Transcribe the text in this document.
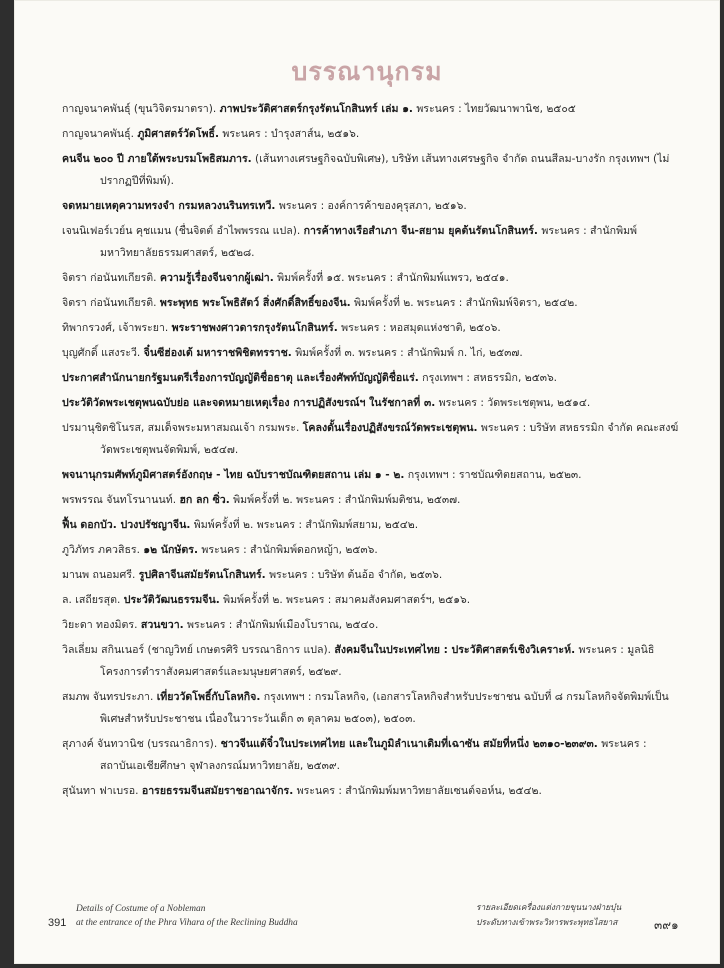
บรรณานุกรม

กาญจนาคพันธุ์ (ขุนวิจิตรมาตรา). ภาพประวัติศาสตร์กรุงรัตนโกสินทร์ เล่ม ๑. พระนคร : ไทยวัฒนาพานิช, ๒๕๐๕

กาญจนาคพันธุ์. ภูมิศาสตร์วัดโพธิ์. พระนคร : บำรุงสาส์น, ๒๕๑๖.

คนจีน ๒๐๐ ปี ภายใต้พระบรมโพธิสมภาร. (เส้นทางเศรษฐกิจฉบับพิเศษ), บริษัท เส้นทางเศรษฐกิจ จำกัด ถนนสีลม-บางรัก กรุงเทพฯ (ไม่ปรากฏปีที่พิมพ์).

จดหมายเหตุความทรงจำ กรมหลวงนรินทรเทวี. พระนคร : องค์การค้าของคุรุสภา, ๒๕๑๖.

เจนนิเฟอร์เวย์น คุชแมน (ชื่นจิตต์ อำไพพรรณ แปล). การค้าทางเรือสำเภา จีน-สยาม ยุคต้นรัตนโกสินทร์. พระนคร : สำนักพิมพ์มหาวิทยาลัยธรรมศาสตร์, ๒๕๒๘.

จิตรา ก่อนันทเกียรติ. ความรู้เรื่องจีนจากผู้เฒ่า. พิมพ์ครั้งที่ ๑๕. พระนคร : สำนักพิมพ์แพรว, ๒๕๔๑.

จิตรา ก่อนันทเกียรติ. พระพุทธ พระโพธิสัตว์ สิ่งศักดิ์สิทธิ์ของจีน. พิมพ์ครั้งที่ ๒. พระนคร : สำนักพิมพ์จิตรา, ๒๕๔๒.

ทิพากรวงศ์, เจ้าพระยา. พระราชพงศาวดารกรุงรัตนโกสินทร์. พระนคร : หอสมุดแห่งชาติ, ๒๕๐๖.

บุญศักดิ์ แสงระวี. จิ๋นซีฮ่องเต้ มหาราชพิชิตทรราช. พิมพ์ครั้งที่ ๓. พระนคร : สำนักพิมพ์ ก. ไก่, ๒๕๓๗.

ประกาศสำนักนายกรัฐมนตรีเรื่องการบัญญัติชื่อธาตุ และเรื่องศัพท์บัญญัติชื่อแร่. กรุงเทพฯ : สหธรรมิก, ๒๕๓๖.

ประวัติวัดพระเชตุพนฉบับย่อ และจดหมายเหตุเรื่อง การปฏิสังขรณ์ฯ ในรัชกาลที่ ๓. พระนคร : วัดพระเชตุพน, ๒๕๑๔.

ปรมานุชิตชิโนรส, สมเด็จพระมหาสมณเจ้า กรมพระ. โคลงดั้นเรื่องปฏิสังขรณ์วัดพระเชตุพน. พระนคร : บริษัท สหธรรมิก จำกัด คณะสงฆ์วัดพระเชตุพนจัดพิมพ์, ๒๕๔๗.

พจนานุกรมศัพท์ภูมิศาสตร์อังกฤษ - ไทย ฉบับราชบัณฑิตยสถาน เล่ม ๑ - ๒. กรุงเทพฯ : ราชบัณฑิตยสถาน, ๒๕๒๓.

พรพรรณ จันทโรนานนท์. ฮก ลก ซิ่ว. พิมพ์ครั้งที่ ๒. พระนคร : สำนักพิมพ์มติชน, ๒๕๓๗.

ฟื้น ดอกบัว. ปวงปรัชญาจีน. พิมพ์ครั้งที่ ๒. พระนคร : สำนักพิมพ์สยาม, ๒๕๔๒.

ภูวิภัทร ภควสิธร. ๑๒ นักษัตร. พระนคร : สำนักพิมพ์ดอกหญ้า, ๒๕๓๖.

มานพ ถนอมศรี. รูปศิลาจีนสมัยรัตนโกสินทร์. พระนคร : บริษัท ต้นอ้อ จำกัด, ๒๕๓๖.

ล. เสถียรสุต. ประวัติวัฒนธรรมจีน. พิมพ์ครั้งที่ ๒. พระนคร : สมาคมสังคมศาสตร์ฯ, ๒๕๑๖.

วิยะดา ทองมิตร. สวนขวา. พระนคร : สำนักพิมพ์เมืองโบราณ, ๒๕๔๐.

วิลเลี่ยม สกินเนอร์ (ชาญวิทย์ เกษตรศิริ บรรณาธิการ แปล). สังคมจีนในประเทศไทย : ประวัติศาสตร์เชิงวิเคราะห์. พระนคร : มูลนิธิโครงการตำราสังคมศาสตร์และมนุษยศาสตร์, ๒๕๒๙.

สมภพ จันทรประภา. เที่ยววัดโพธิ์กับโลหกิจ. กรุงเทพฯ : กรมโลหกิจ, (เอกสารโลหกิจสำหรับประชาชน ฉบับที่ ๘ กรมโลหกิจจัดพิมพ์เป็นพิเศษสำหรับประชาชน เนื่องในวาระวันเด็ก ๓ ตุลาคม ๒๕๐๓), ๒๕๐๓.

สุภางค์ จันทวานิช (บรรณาธิการ). ชาวจีนแต้จิ๋วในประเทศไทย และในภูมิลำเนาเดิมที่เฉาซัน สมัยที่หนึ่ง ๒๓๑๐-๒๓๙๓. พระนคร : สถาบันเอเชียศึกษา จุฬาลงกรณ์มหาวิทยาลัย, ๒๕๓๙.

สุนันทา ฟาเบรอ. อารยธรรมจีนสมัยราชอาณาจักร. พระนคร : สำนักพิมพ์มหาวิทยาลัยเซนต์จอห์น, ๒๕๔๒.

Details of Costume of a Nobleman
391	at the entrance of the Phra Vihara of the Reclining Buddha
รายละเอียดเครื่องแต่งกายขุนนางฝ่ายบุ๋น
ประดับทางเข้าพระวิหารพระพุทธไสยาส	๓๙๑
